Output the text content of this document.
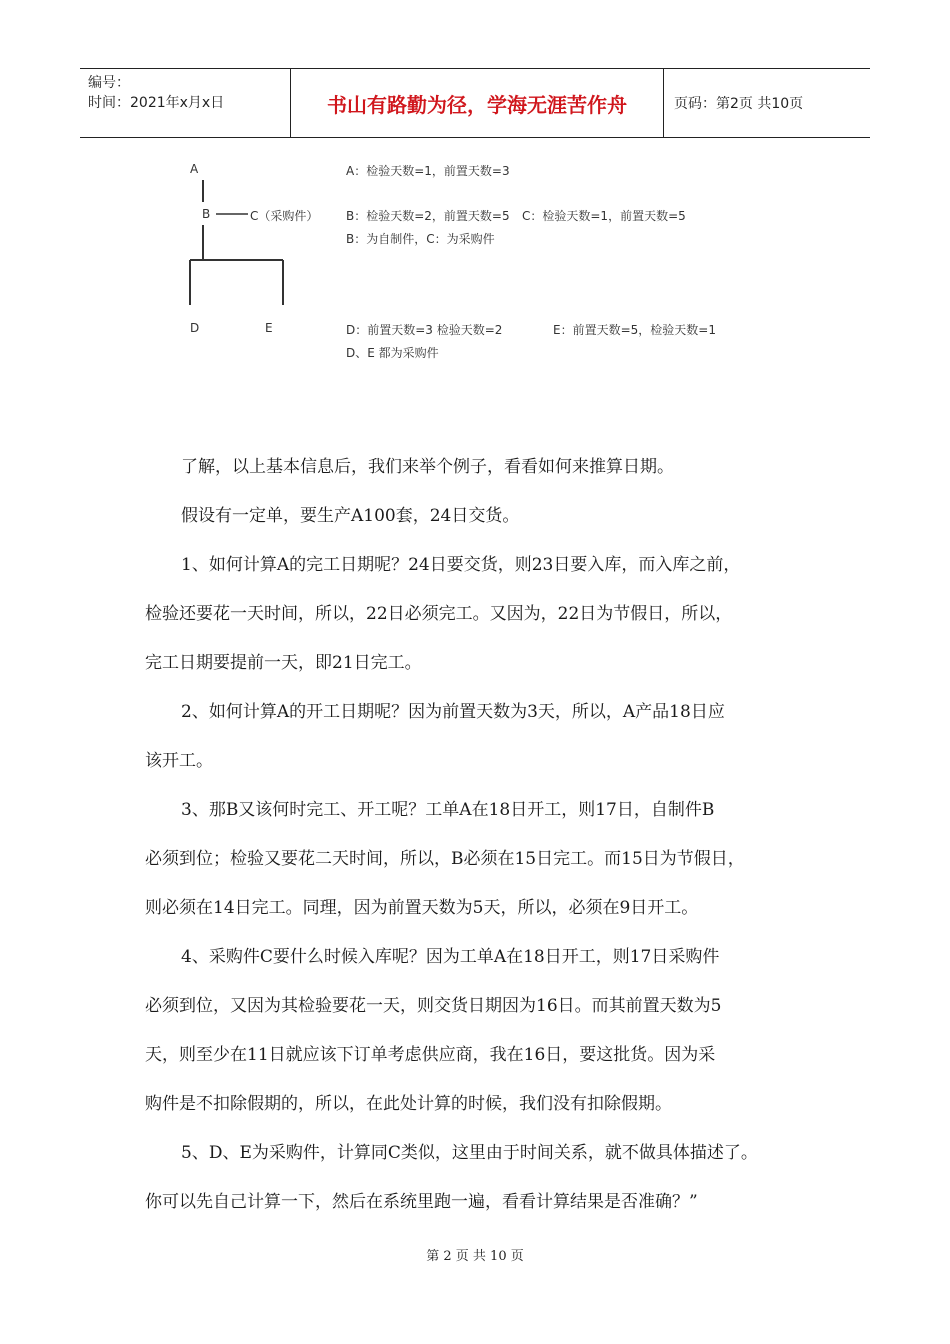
编号：
时间：2021年x月x日	书山有路勤为径，学海无涯苦作舟	页码：第2页 共10页
A
B	C（采购件）
D	E
A：检验天数=1，前置天数=3
B：检验天数=2，前置天数=5 C：检验天数=1，前置天数=5
B：为自制件，C：为采购件
D：前置天数=3 检验天数=2	E：前置天数=5，检验天数=1
D、E 都为采购件

了解，以上基本信息后，我们来举个例子，看看如何来推算日期。

假设有一定单，要生产A100套，24日交货。

1、如何计算A的完工日期呢？24日要交货，则23日要入库，而入库之前，

检验还要花一天时间，所以，22日必须完工。又因为，22日为节假日，所以，

完工日期要提前一天，即21日完工。

2、如何计算A的开工日期呢？因为前置天数为3天，所以，A产品18日应

该开工。

3、那B又该何时完工、开工呢？工单A在18日开工，则17日，自制件B

必须到位；检验又要花二天时间，所以，B必须在15日完工。而15日为节假日，

则必须在14日完工。同理，因为前置天数为5天，所以，必须在9日开工。

4、采购件C要什么时候入库呢？因为工单A在18日开工，则17日采购件

必须到位，又因为其检验要花一天，则交货日期因为16日。而其前置天数为5

天，则至少在11日就应该下订单考虑供应商，我在16日，要这批货。因为采

购件是不扣除假期的，所以，在此处计算的时候，我们没有扣除假期。

5、D、E为采购件，计算同C类似，这里由于时间关系，就不做具体描述了。

你可以先自己计算一下，然后在系统里跑一遍，看看计算结果是否准确？”

第 2 页 共 10 页
